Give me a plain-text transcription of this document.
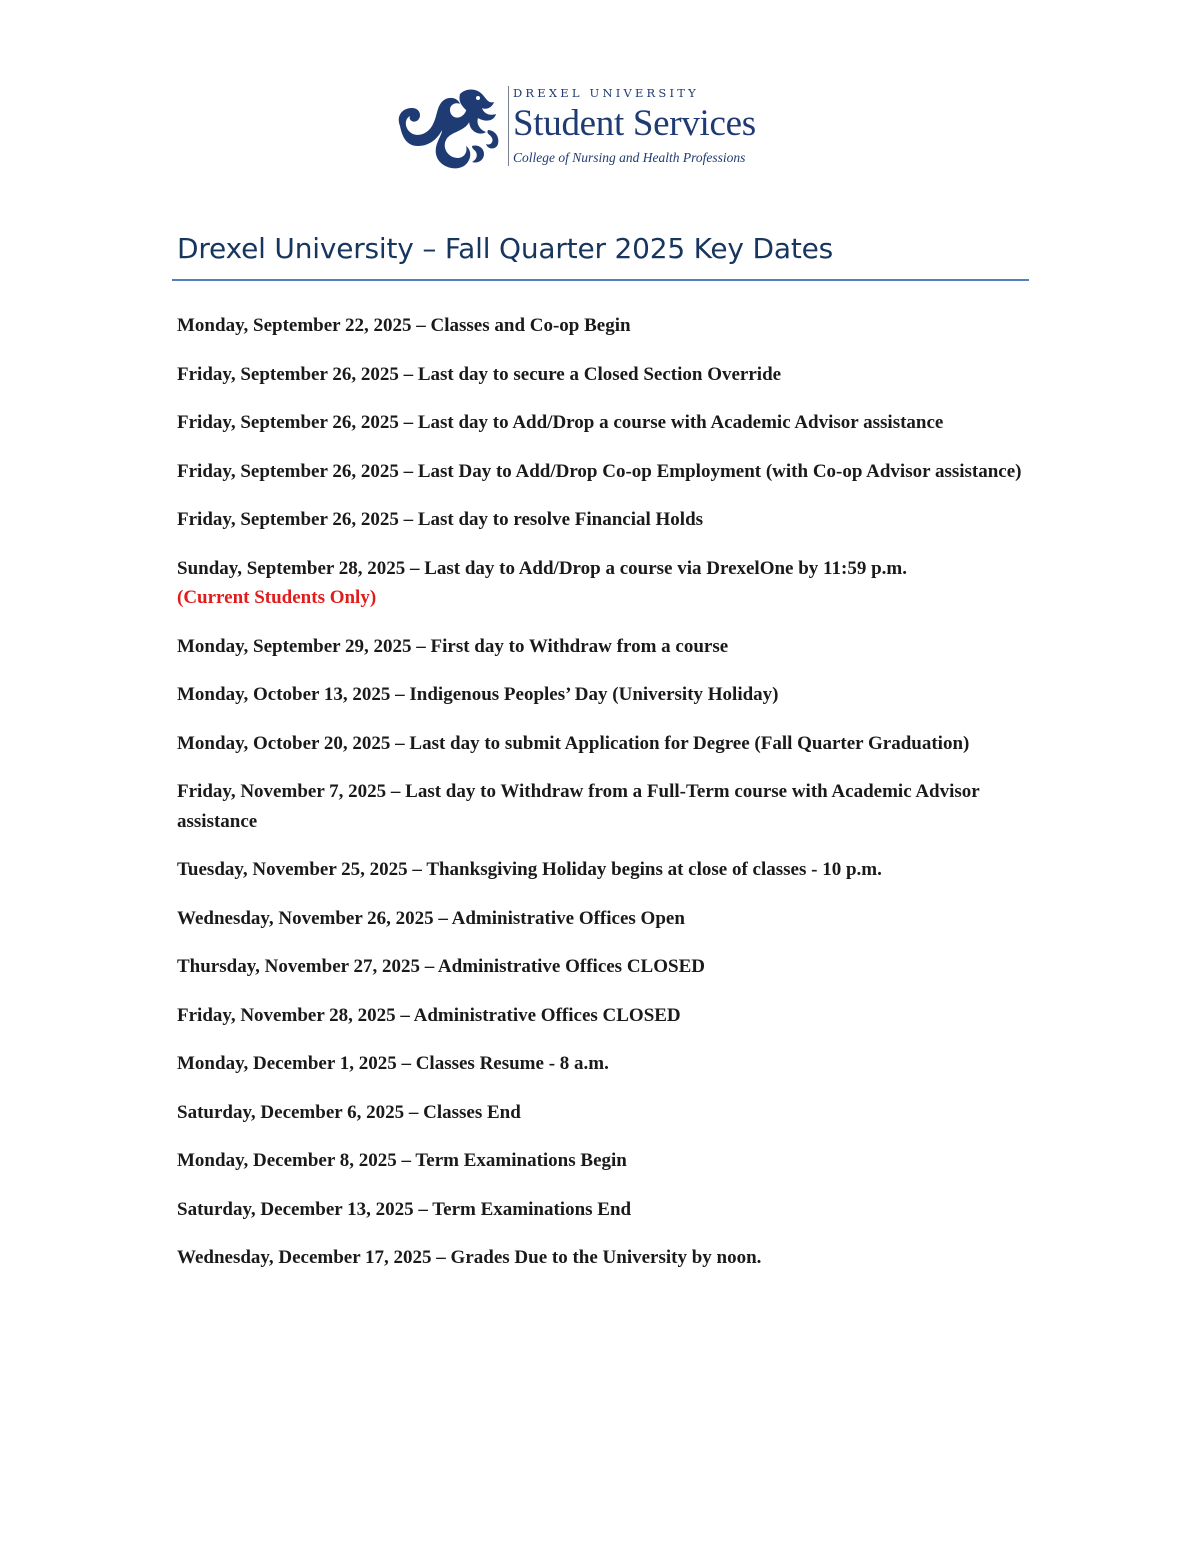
DREXEL UNIVERSITY
Student Services
College of Nursing and Health Professions
Drexel University – Fall Quarter 2025 Key Dates
Monday, September 22, 2025 – Classes and Co-op Begin
Friday, September 26, 2025 – Last day to secure a Closed Section Override
Friday, September 26, 2025 – Last day to Add/Drop a course with Academic Advisor assistance
Friday, September 26, 2025 – Last Day to Add/Drop Co-op Employment (with Co-op Advisor assistance)
Friday, September 26, 2025 – Last day to resolve Financial Holds
Sunday, September 28, 2025 – Last day to Add/Drop a course via DrexelOne by 11:59 p.m.
(Current Students Only)
Monday, September 29, 2025 – First day to Withdraw from a course
Monday, October 13, 2025 – Indigenous Peoples’ Day (University Holiday)
Monday, October 20, 2025 – Last day to submit Application for Degree (Fall Quarter Graduation)
Friday, November 7, 2025 – Last day to Withdraw from a Full-Term course with Academic Advisor assistance
Tuesday, November 25, 2025 – Thanksgiving Holiday begins at close of classes - 10 p.m.
Wednesday, November 26, 2025 – Administrative Offices Open
Thursday, November 27, 2025 – Administrative Offices CLOSED
Friday, November 28, 2025 – Administrative Offices CLOSED
Monday, December 1, 2025 – Classes Resume - 8 a.m.
Saturday, December 6, 2025 – Classes End
Monday, December 8, 2025 – Term Examinations Begin
Saturday, December 13, 2025 – Term Examinations End
Wednesday, December 17, 2025 – Grades Due to the University by noon.
